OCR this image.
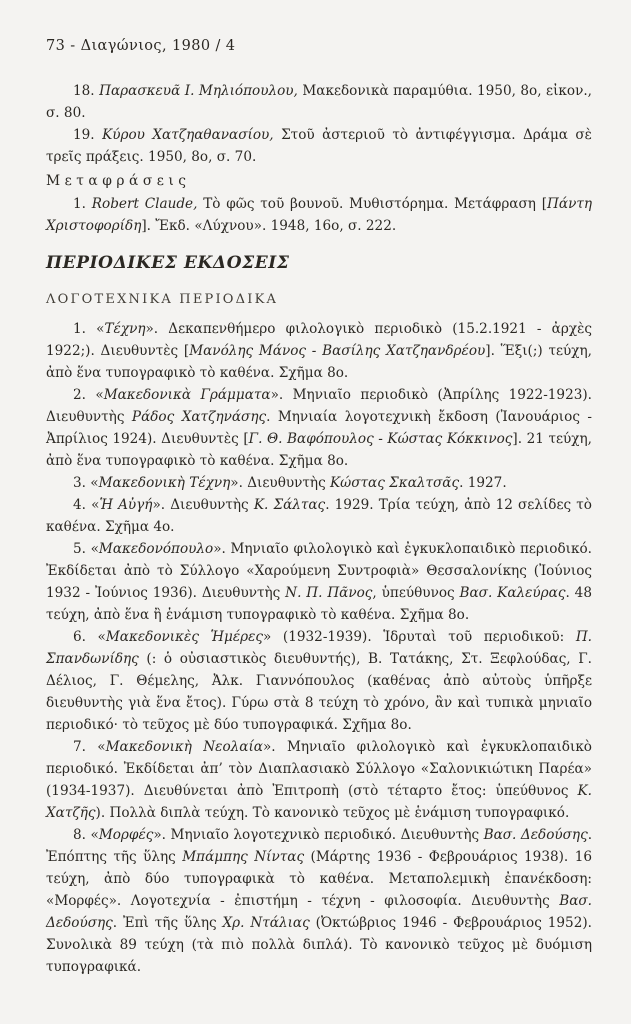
73 - Διαγώνιος, 1980 / 4
18. Παρασκευᾶ Ι. Μηλιόπουλου, Μακεδονικὰ παραμύθια. 1950, 8ο, εἰκον., σ. 80.
19. Κύρου Χατζηαθανασίου, Στοῦ ἀστεριοῦ τὸ ἀντιφέγγισμα. Δράμα σὲ τρεῖς πράξεις. 1950, 8ο, σ. 70.
Μεταφράσεις
1. Robert Claude, Τὸ φῶς τοῦ βουνοῦ. Μυθιστόρημα. Μετάφραση [Πάντη Χριστοφορίδη]. Ἔκδ. «Λύχνου». 1948, 16ο, σ. 222.
ΠΕΡΙΟΔΙΚΕΣ ΕΚΔΟΣΕΙΣ
ΛΟΓΟΤΕΧΝΙΚΑ ΠΕΡΙΟΔΙΚΑ
1. «Τέχνη». Δεκαπενθήμερο φιλολογικὸ περιοδικὸ (15.2.1921 - ἀρχὲς 1922;). Διευθυντὲς [Μανόλης Μάνος - Βασίλης Χατζηανδρέου]. Ἕξι(;) τεύχη, ἀπὸ ἕνα τυπογραφικὸ τὸ καθένα. Σχῆμα 8ο.
2. «Μακεδονικὰ Γράμματα». Μηνιαῖο περιοδικὸ (Ἀπρίλης 1922-1923). Διευθυντὴς Ράδος Χατζηνάσης. Μηνιαία λογοτεχνικὴ ἔκδοση (Ἰανουάριος - Ἀπρίλιος 1924). Διευθυντὲς [Γ. Θ. Βαφόπουλος - Κώστας Κόκκινος]. 21 τεύχη, ἀπὸ ἕνα τυπογραφικὸ τὸ καθένα. Σχῆμα 8ο.
3. «Μακεδονικὴ Τέχνη». Διευθυντὴς Κώστας Σκαλτσᾶς. 1927.
4. «Ἡ Αὐγή». Διευθυντὴς Κ. Σάλτας. 1929. Τρία τεύχη, ἀπὸ 12 σελίδες τὸ καθένα. Σχῆμα 4ο.
5. «Μακεδονόπουλο». Μηνιαῖο φιλολογικὸ καὶ ἐγκυκλοπαιδικὸ περιοδικό. Ἐκδίδεται ἀπὸ τὸ Σύλλογο «Χαρούμενη Συντροφιὰ» Θεσσαλονίκης (Ἰούνιος 1932 - Ἰούνιος 1936). Διευθυντὴς Ν. Π. Πᾶνος, ὑπεύθυνος Βασ. Καλεύρας. 48 τεύχη, ἀπὸ ἕνα ἢ ἑνάμιση τυπογραφικὸ τὸ καθένα. Σχῆμα 8ο.
6. «Μακεδονικὲς Ἡμέρες» (1932-1939). Ἱδρυταὶ τοῦ περιοδικοῦ: Π. Σπανδωνίδης (: ὁ οὐσιαστικὸς διευθυντής), Β. Τατάκης, Στ. Ξεφλούδας, Γ. Δέλιος, Γ. Θέμελης, Ἀλκ. Γιαννόπουλος (καθένας ἀπὸ αὐτοὺς ὑπῆρξε διευθυντὴς γιὰ ἕνα ἔτος). Γύρω στὰ 8 τεύχη τὸ χρόνο, ἂν καὶ τυπικὰ μηνιαῖο περιοδικό· τὸ τεῦχος μὲ δύο τυπογραφικά. Σχῆμα 8ο.
7. «Μακεδονικὴ Νεολαία». Μηνιαῖο φιλολογικὸ καὶ ἐγκυκλοπαιδικὸ περιοδικό. Ἐκδίδεται ἀπ’ τὸν Διαπλασιακὸ Σύλλογο «Σαλονικιώτικη Παρέα» (1934-1937). Διευθύνεται ἀπὸ Ἐπιτροπὴ (στὸ τέταρτο ἔτος: ὑπεύθυνος Κ. Χατζῆς). Πολλὰ διπλὰ τεύχη. Τὸ κανονικὸ τεῦχος μὲ ἑνάμιση τυπογραφικό.
8. «Μορφές». Μηνιαῖο λογοτεχνικὸ περιοδικό. Διευθυντὴς Βασ. Δεδούσης. Ἐπόπτης τῆς ὕλης Μπάμπης Νίντας (Μάρτης 1936 - Φεβρουάριος 1938). 16 τεύχη, ἀπὸ δύο τυπογραφικὰ τὸ καθένα. Μεταπολεμικὴ ἐπανέκδοση: «Μορφές». Λογοτεχνία - ἐπιστήμη - τέχνη - φιλοσοφία. Διευθυντὴς Βασ. Δεδούσης. Ἐπὶ τῆς ὕλης Χρ. Ντάλιας (Ὀκτώβριος 1946 - Φεβρουάριος 1952). Συνολικὰ 89 τεύχη (τὰ πιὸ πολλὰ διπλά). Τὸ κανονικὸ τεῦχος μὲ δυόμιση τυπογραφικά.
